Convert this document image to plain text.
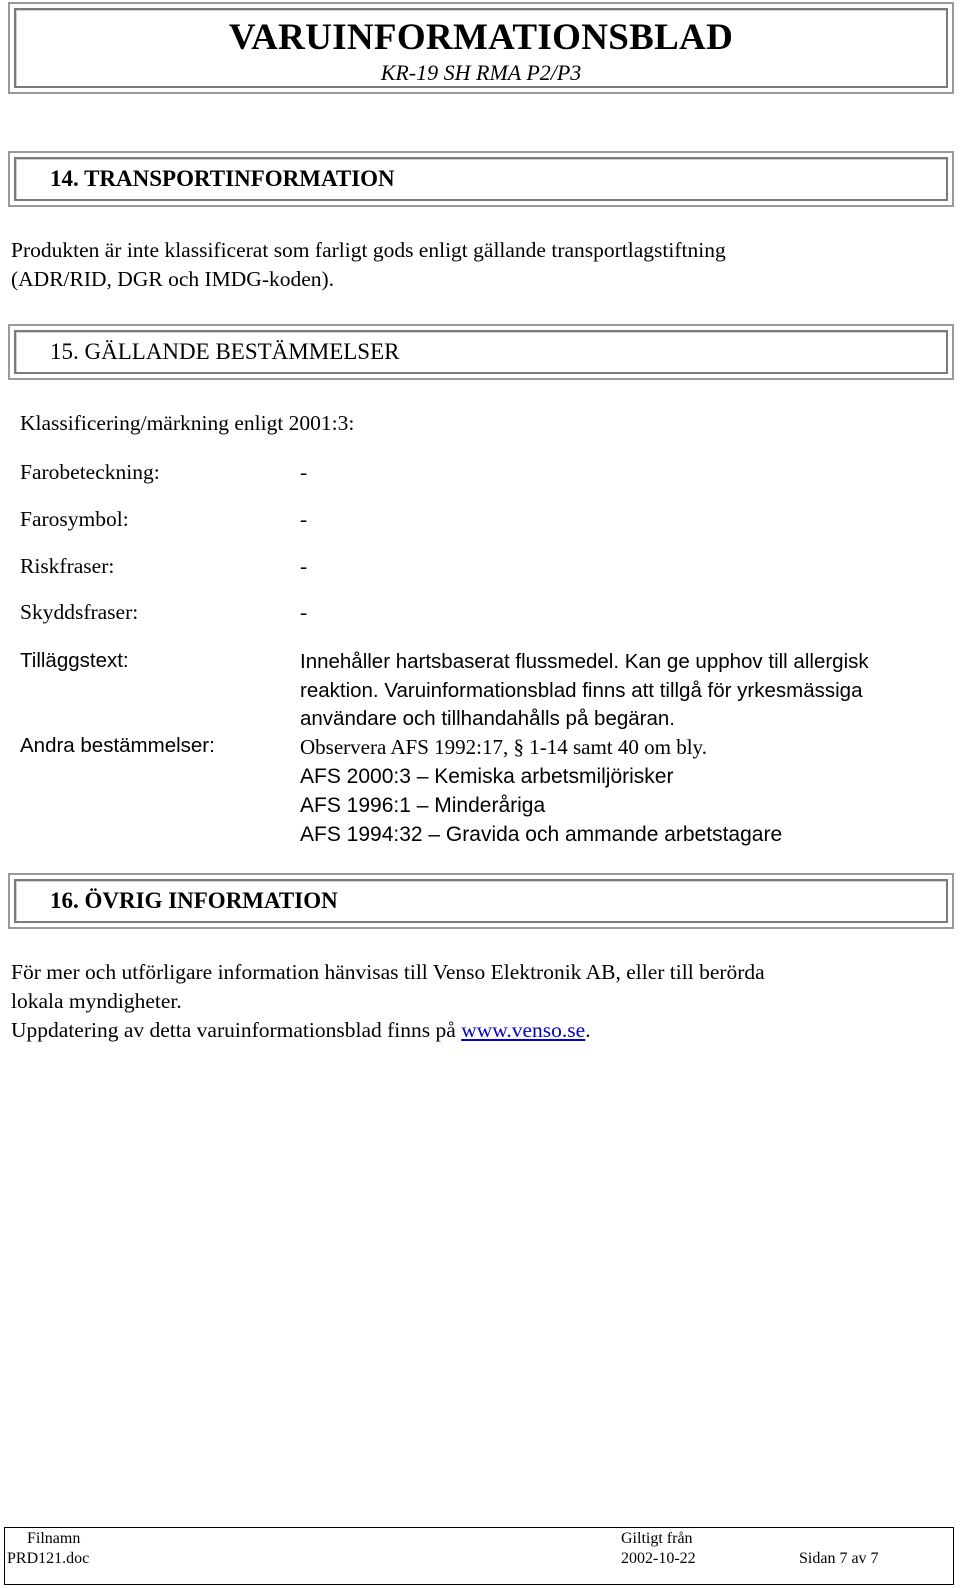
VARUINFORMATIONSBLAD
KR-19 SH RMA P2/P3
14. TRANSPORTINFORMATION
Produkten är inte klassificerat som farligt gods enligt gällande transportlagstiftning
(ADR/RID, DGR och IMDG-koden).
15. GÄLLANDE BESTÄMMELSER
Klassificering/märkning enligt 2001:3:
Farobeteckning:	-
Farosymbol:	-
Riskfraser:	-
Skyddsfraser:	-
Tilläggstext:	Innehåller hartsbaserat flussmedel. Kan ge upphov till allergisk
reaktion. Varuinformationsblad finns att tillgå för yrkesmässiga
användare och tillhandahålls på begäran.
Andra bestämmelser:	Observera AFS 1992:17, § 1-14 samt 40 om bly.
AFS 2000:3 – Kemiska arbetsmiljörisker
AFS 1996:1 – Minderåriga
AFS 1994:32 – Gravida och ammande arbetstagare
16. ÖVRIG INFORMATION
För mer och utförligare information hänvisas till Venso Elektronik AB, eller till berörda
lokala myndigheter.
Uppdatering av detta varuinformationsblad finns på www.venso.se.
Filnamn
PRD121.doc
Giltigt från
2002-10-22	Sidan 7 av 7
